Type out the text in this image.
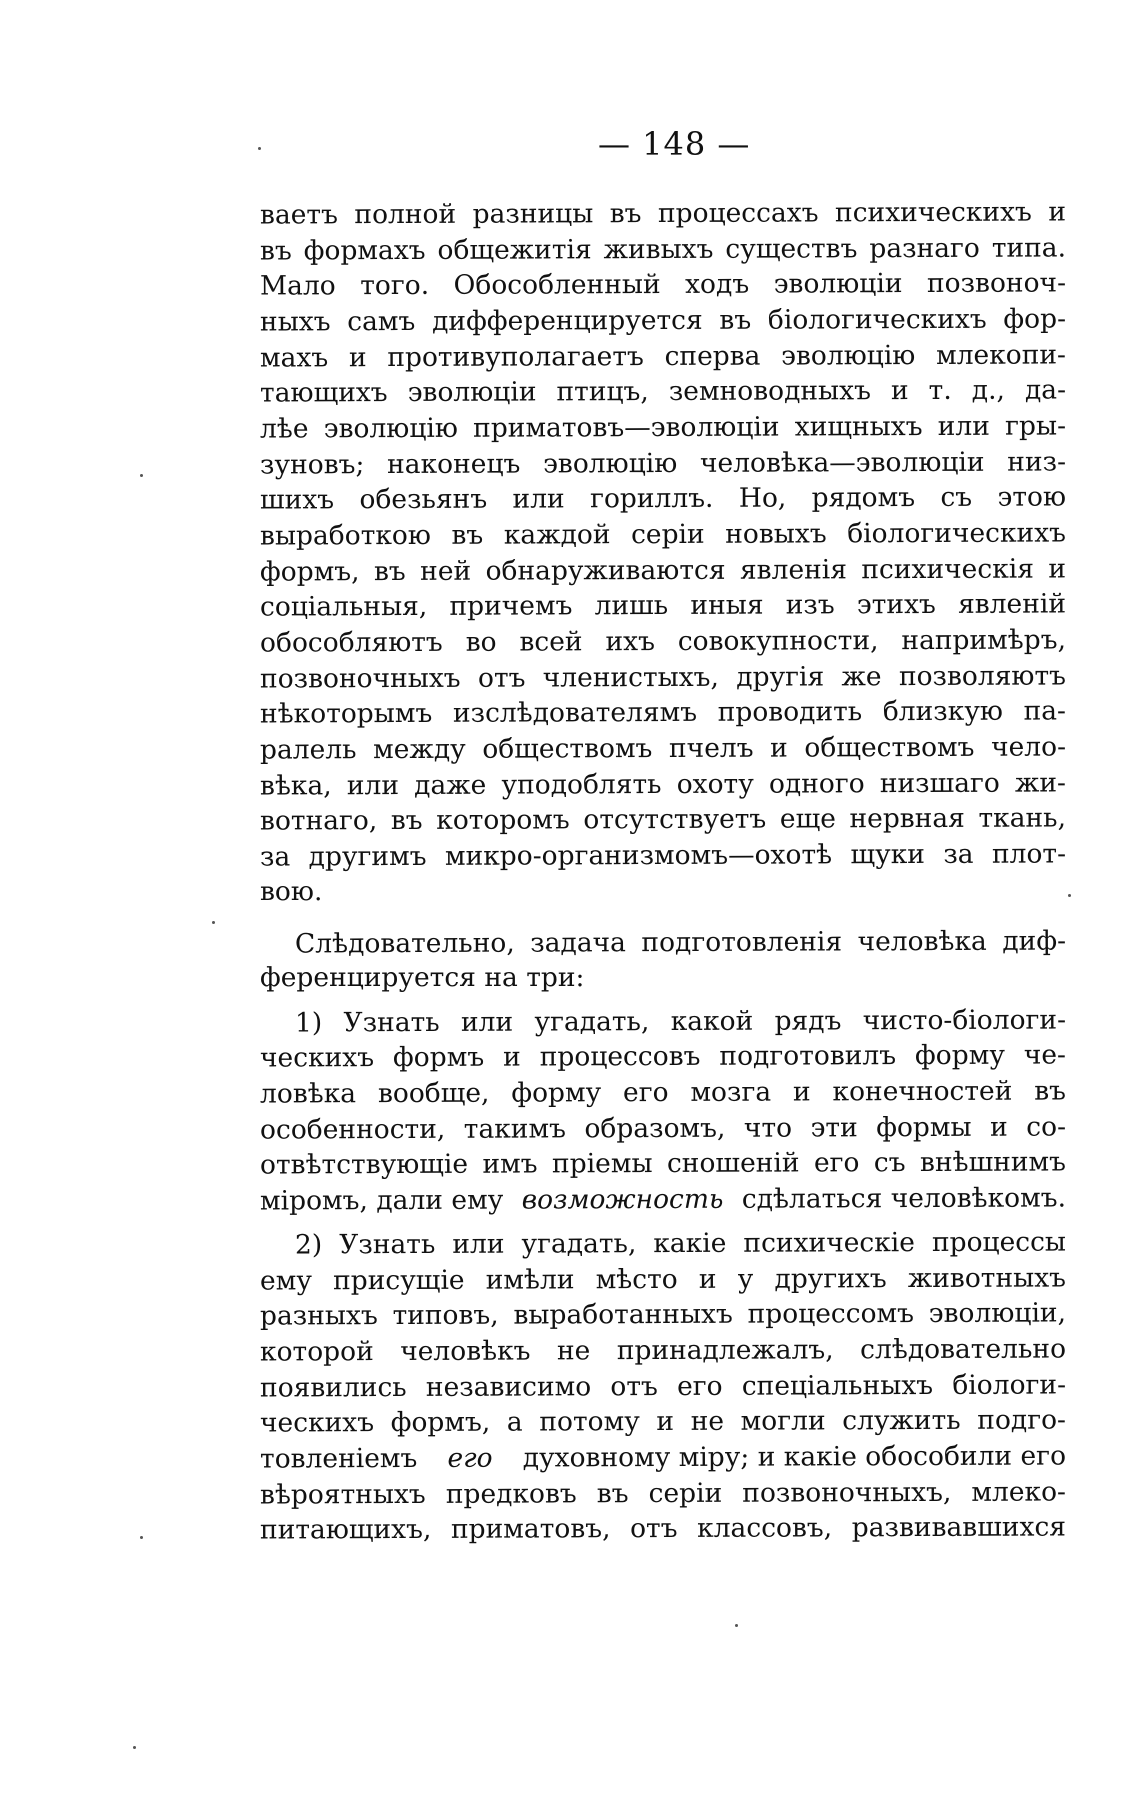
— 148 —
ваетъ полной разницы въ процессахъ психическихъ и
въ формахъ общежитія живыхъ существъ разнаго типа.
Мало того. Обособленный ходъ эволюціи позвоноч-
ныхъ самъ дифференцируется въ біологическихъ фор-
махъ и противуполагаетъ сперва эволюцію млекопи-
тающихъ эволюціи птицъ, земноводныхъ и т. д., да-
лѣе эволюцію приматовъ—эволюціи хищныхъ или гры-
зуновъ; наконецъ эволюцію человѣка—эволюціи низ-
шихъ обезьянъ или гориллъ. Но, рядомъ съ этою
выработкою въ каждой серіи новыхъ біологическихъ
формъ, въ ней обнаруживаются явленія психическія и
соціальныя, причемъ лишь иныя изъ этихъ явленій
обособляютъ во всей ихъ совокупности, напримѣръ,
позвоночныхъ отъ членистыхъ, другія же позволяютъ
нѣкоторымъ изслѣдователямъ проводить близкую па-
ралель между обществомъ пчелъ и обществомъ чело-
вѣка, или даже уподоблять охоту одного низшаго жи-
вотнаго, въ которомъ отсутствуетъ еще нервная ткань,
за другимъ микро-организмомъ—охотѣ щуки за плот-
вою.
Слѣдовательно, задача подготовленія человѣка диф-
ференцируется на три:
1) Узнать или угадать, какой рядъ чисто-біологи-
ческихъ формъ и процессовъ подготовилъ форму че-
ловѣка вообще, форму его мозга и конечностей въ
особенности, такимъ образомъ, что эти формы и со-
отвѣтствующіе имъ пріемы сношеній его съ внѣшнимъ
міромъ, дали ему возможность сдѣлаться человѣкомъ.
2) Узнать или угадать, какіе психическіе процессы
ему присущіе имѣли мѣсто и у другихъ животныхъ
разныхъ типовъ, выработанныхъ процессомъ эволюціи,
которой человѣкъ не принадлежалъ, слѣдовательно
появились независимо отъ его спеціальныхъ біологи-
ческихъ формъ, а потому и не могли служить подго-
товленіемъ его духовному міру; и какіе обособили его
вѣроятныхъ предковъ въ серіи позвоночныхъ, млеко-
питающихъ, приматовъ, отъ классовъ, развивавшихся
